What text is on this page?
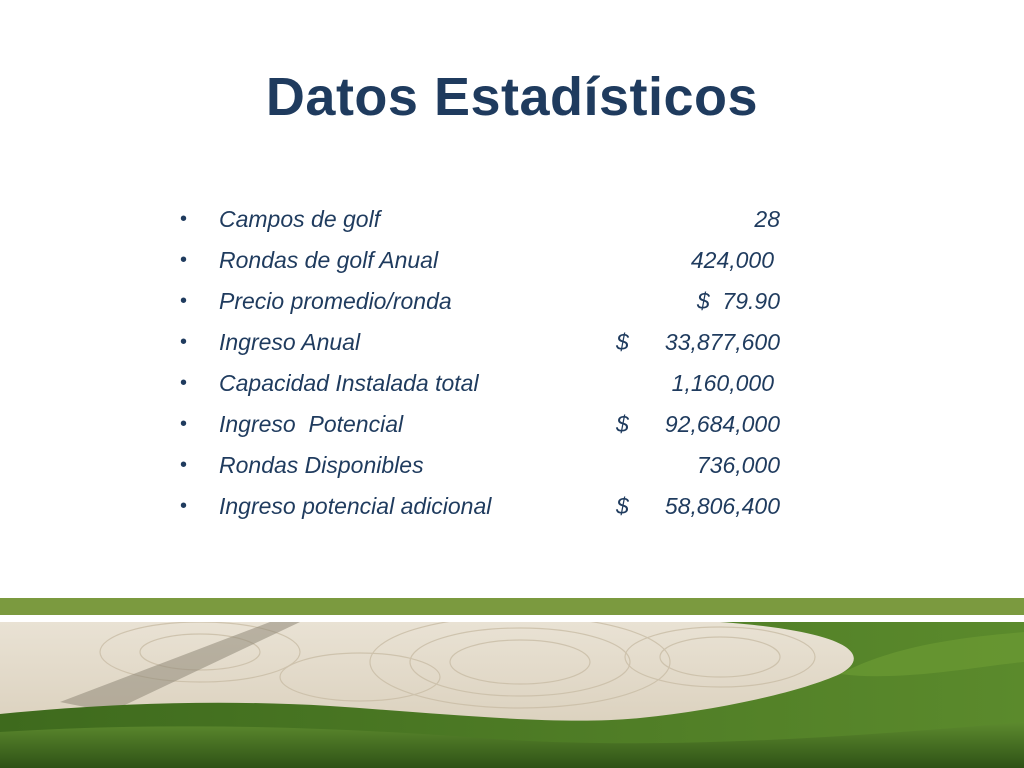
Datos Estadísticos
• Campos de golf	28
• Rondas de golf Anual	424,000
• Precio promedio/ronda	$  79.90
• Ingreso Anual	$ 33,877,600
• Capacidad Instalada total	1,160,000
• Ingreso  Potencial	$ 92,684,000
• Rondas Disponibles	736,000
• Ingreso potencial adicional	$ 58,806,400
